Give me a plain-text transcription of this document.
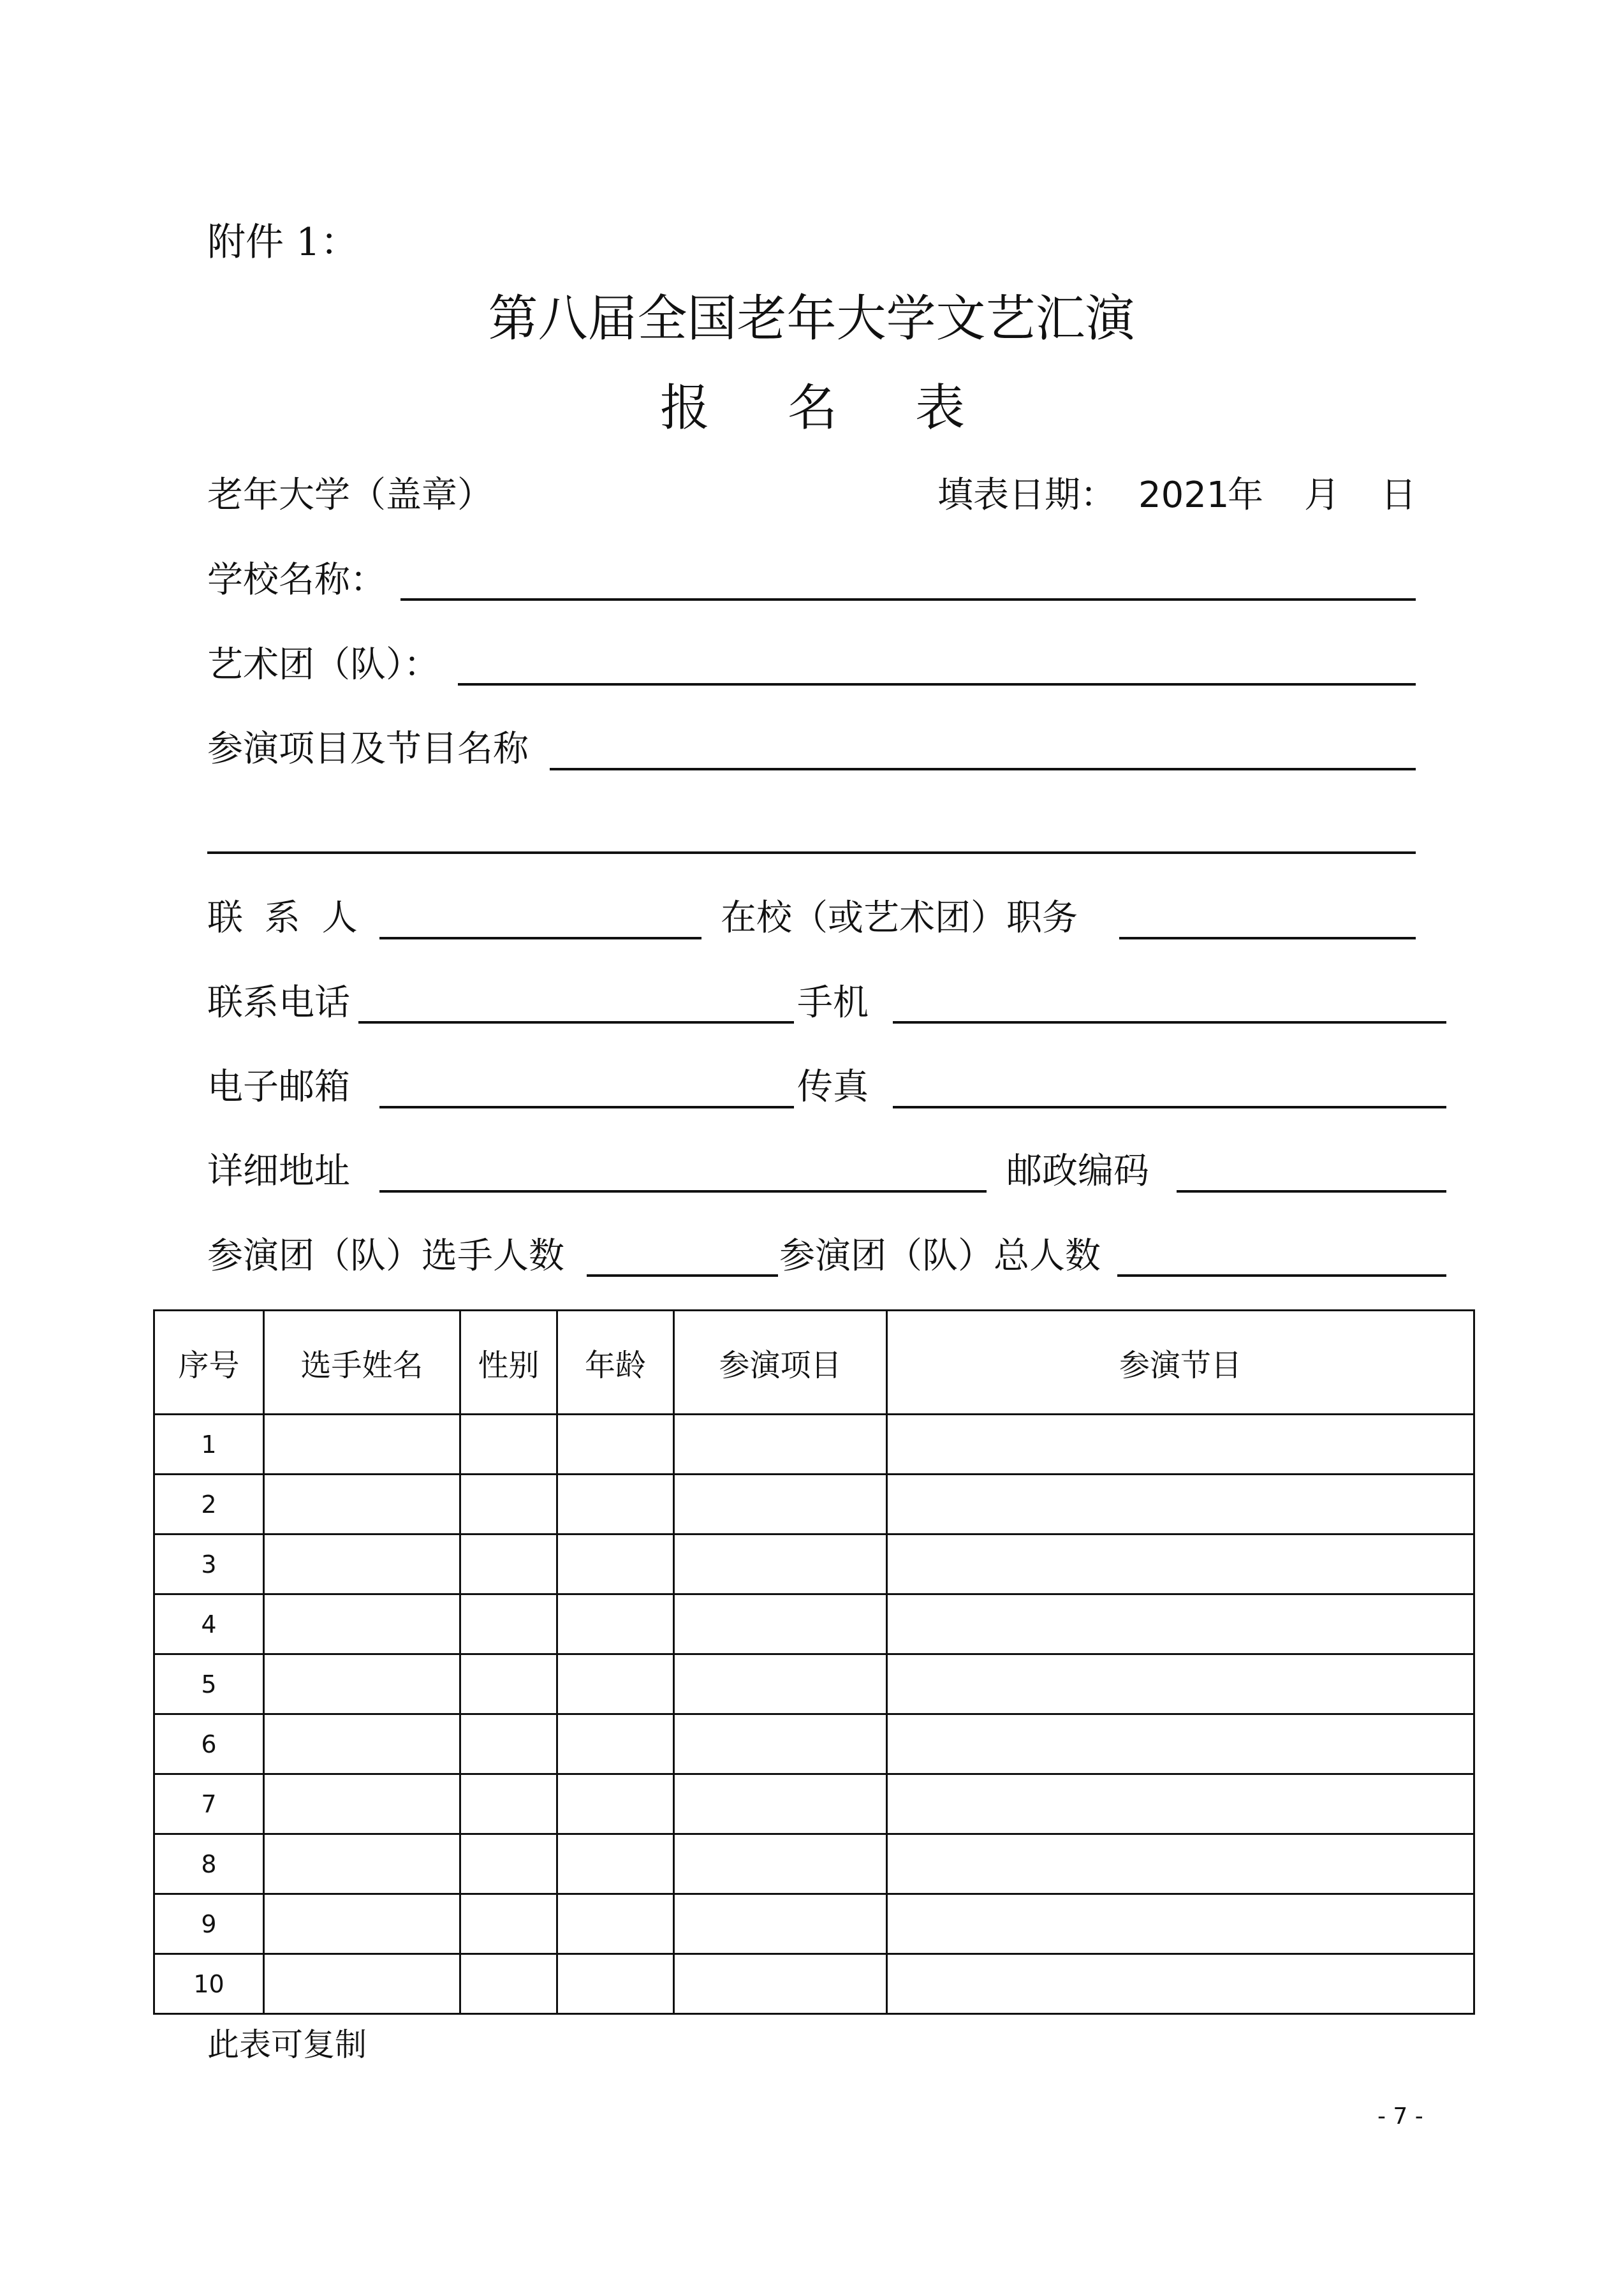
附件 1：
第八届全国老年大学文艺汇演
报 名 表
老年大学（盖章）	填表日期： 2021
年 月 日
学校名称：
艺术团（队）：
参演项目及节目名称
联 系 人	在校（或艺术团）职务
联系电话	手机
电子邮箱	传真
详细地址	邮政编码
参演团（队）选手人数	参演团（队）总人数
序号	选手姓名	性别	年龄	参演项目	参演节目
1					
2					
3					
4					
5					
6					
7					
8					
9					
10					
此表可复制
- 7 -
